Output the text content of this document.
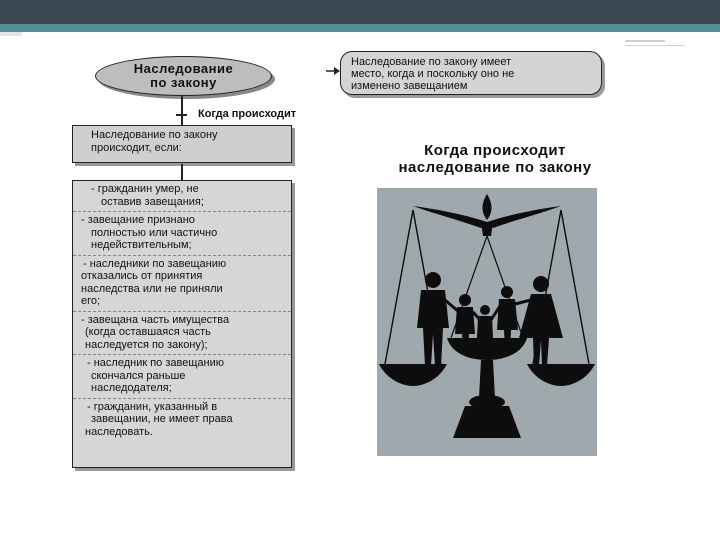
Наследование
по закону
Наследование по закону имеет
место, когда и поскольку оно не
изменено завещанием
Когда происходит
Наследование по закону
происходит, если:
- гражданин умер, не
оставив завещания;
- завещание признано
полностью или частично
недействительным;
- наследники по завещанию
отказались от принятия
наследства или не приняли
его;
- завещана часть имущества
(когда оставшаяся часть
наследуется по закону);
- наследник по завещанию
скончался раньше
наследодателя;
- гражданин, указанный в
завещании, не имеет права
наследовать.
Когда происходит
наследование по закону
